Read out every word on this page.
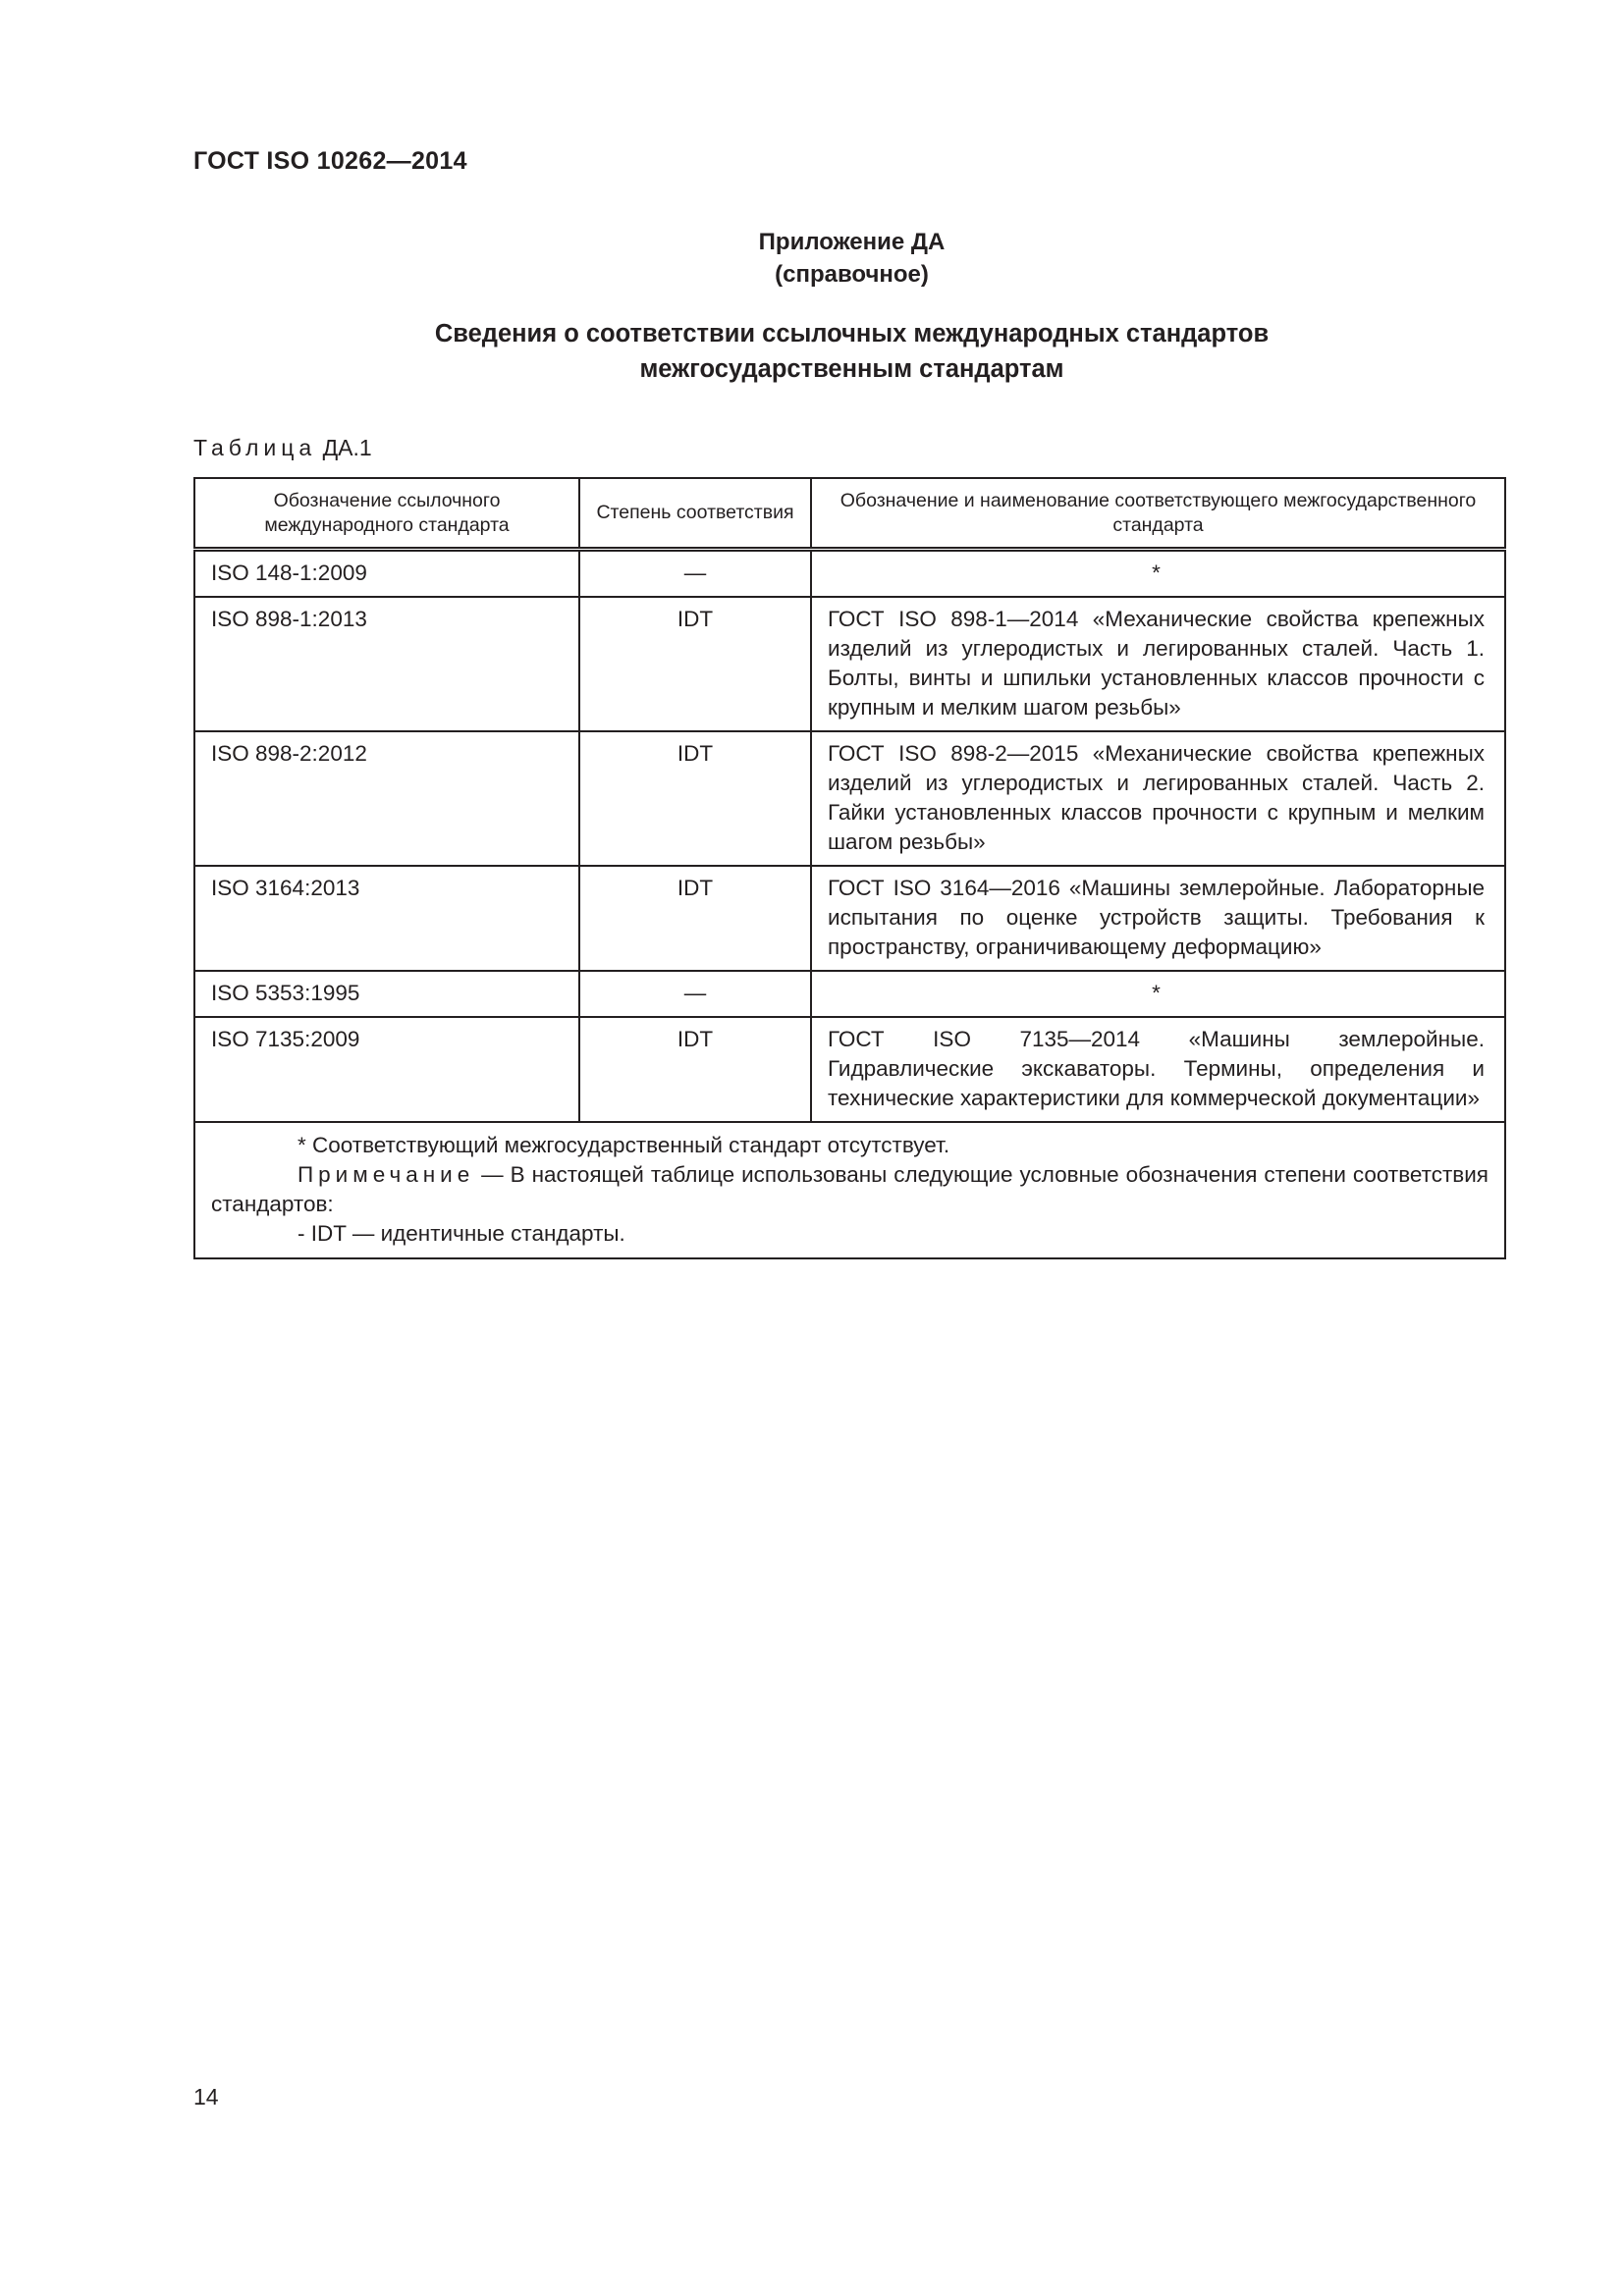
ГОСТ ISO 10262—2014
Приложение ДА
(справочное)
Сведения о соответствии ссылочных международных стандартов
межгосударственным стандартам
Таблица ДА.1
Обозначение ссылочного международного стандарта	Степень соответствия	Обозначение и наименование соответствующего межгосударственного стандарта
ISO 148-1:2009	—	*
ISO 898-1:2013	IDT	ГОСТ ISO 898-1—2014 «Механические свойства крепежных изделий из углеродистых и легированных сталей. Часть 1. Болты, винты и шпильки установленных классов прочности с крупным и мелким шагом резьбы»
ISO 898-2:2012	IDT	ГОСТ ISO 898-2—2015 «Механические свойства крепежных изделий из углеродистых и легированных сталей. Часть 2. Гайки установленных классов прочности с крупным и мелким шагом резьбы»
ISO 3164:2013	IDT	ГОСТ ISO 3164—2016 «Машины землеройные. Лабораторные испытания по оценке устройств защиты. Требования к пространству, ограничивающему деформацию»
ISO 5353:1995	—	*
ISO 7135:2009	IDT	ГОСТ ISO 7135—2014 «Машины землеройные. Гидравлические экскаваторы. Термины, определения и технические характеристики для коммерческой документации»

* Соответствующий межгосударственный стандарт отсутствует.

Примечание — В настоящей таблице использованы следующие условные обозначения степени соответствия стандартов:

- IDT — идентичные стандарты.		

14
